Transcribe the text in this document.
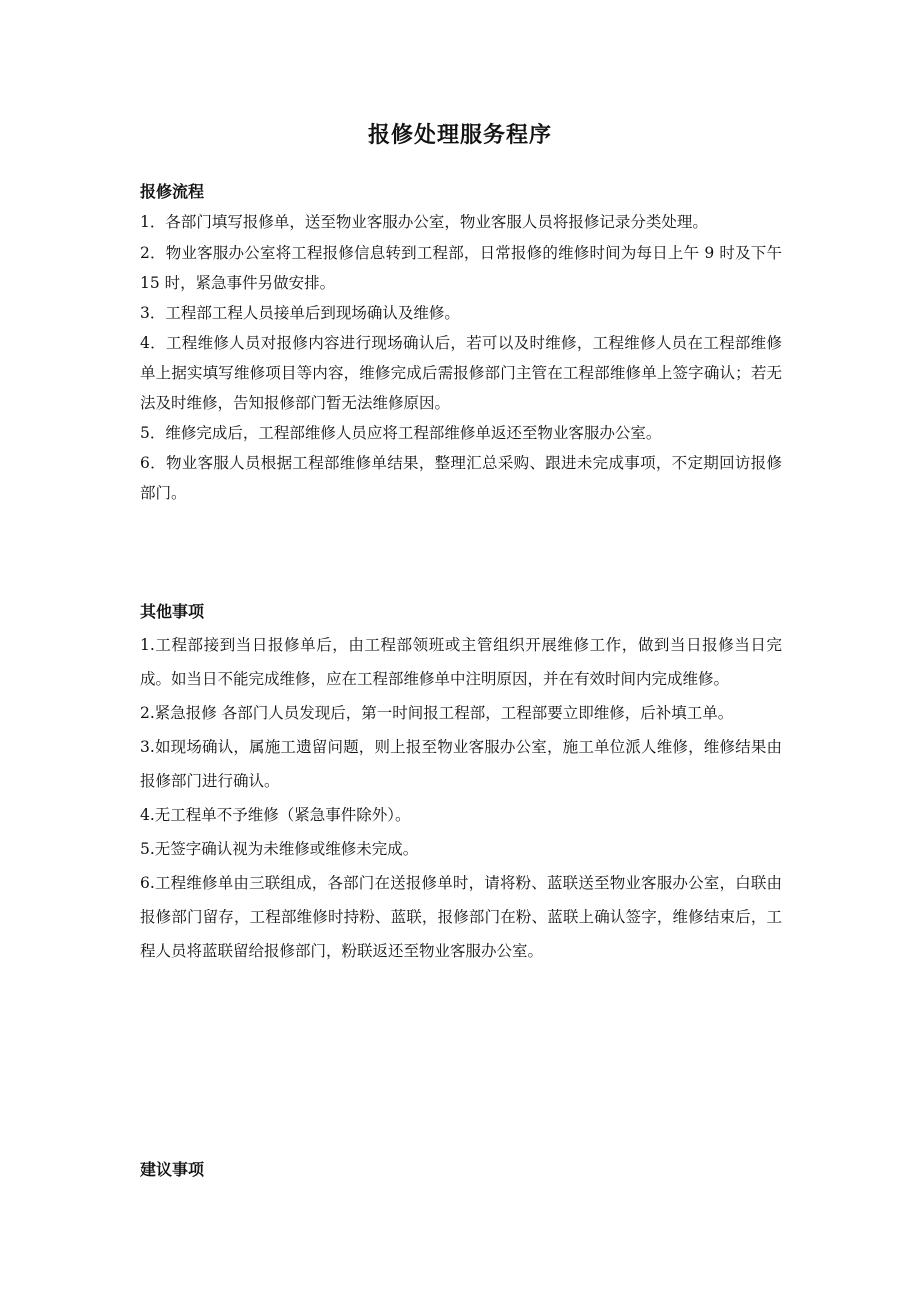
报修处理服务程序
报修流程

1．各部门填写报修单，送至物业客服办公室，物业客服人员将报修记录分类处理。

2．物业客服办公室将工程报修信息转到工程部，日常报修的维修时间为每日上午 9 时及下午 15 时，紧急事件另做安排。

3．工程部工程人员接单后到现场确认及维修。

4．工程维修人员对报修内容进行现场确认后，若可以及时维修，工程维修人员在工程部维修单上据实填写维修项目等内容，维修完成后需报修部门主管在工程部维修单上签字确认；若无法及时维修，告知报修部门暂无法维修原因。

5．维修完成后，工程部维修人员应将工程部维修单返还至物业客服办公室。

6．物业客服人员根据工程部维修单结果，整理汇总采购、跟进未完成事项，不定期回访报修部门。

其他事项

1.工程部接到当日报修单后，由工程部领班或主管组织开展维修工作，做到当日报修当日完成。如当日不能完成维修，应在工程部维修单中注明原因，并在有效时间内完成维修。

2.紧急报修 各部门人员发现后，第一时间报工程部，工程部要立即维修，后补填工单。

3.如现场确认，属施工遗留问题，则上报至物业客服办公室，施工单位派人维修，维修结果由报修部门进行确认。

4.无工程单不予维修（紧急事件除外）。

5.无签字确认视为未维修或维修未完成。

6.工程维修单由三联组成，各部门在送报修单时，请将粉、蓝联送至物业客服办公室，白联由报修部门留存，工程部维修时持粉、蓝联，报修部门在粉、蓝联上确认签字，维修结束后，工程人员将蓝联留给报修部门，粉联返还至物业客服办公室。

建议事项
